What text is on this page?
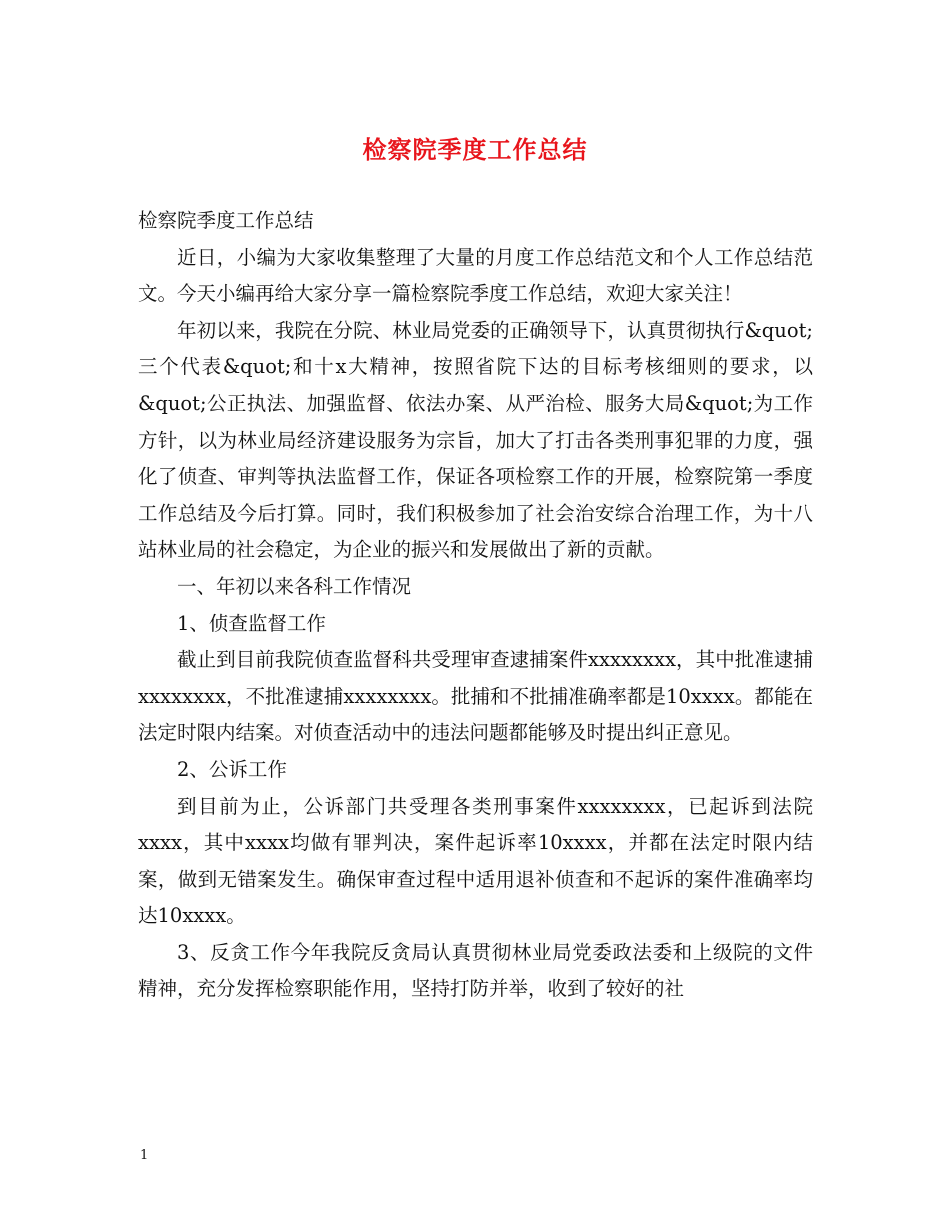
检察院季度工作总结

检察院季度工作总结

近日，小编为大家收集整理了大量的月度工作总结范文和个人工作总结范文。今天小编再给大家分享一篇检察院季度工作总结，欢迎大家关注！

年初以来，我院在分院、林业局党委的正确领导下，认真贯彻执行&quot;三个代表&quot;和十x大精神，按照省院下达的目标考核细则的要求，以&quot;公正执法、加强监督、依法办案、从严治检、服务大局&quot;为工作方针，以为林业局经济建设服务为宗旨，加大了打击各类刑事犯罪的力度，强化了侦查、审判等执法监督工作，保证各项检察工作的开展，检察院第一季度工作总结及今后打算。同时，我们积极参加了社会治安综合治理工作，为十八站林业局的社会稳定，为企业的振兴和发展做出了新的贡献。

一、年初以来各科工作情况

1、侦查监督工作

截止到目前我院侦查监督科共受理审查逮捕案件xxxxxxxx，其中批准逮捕xxxxxxxx，不批准逮捕xxxxxxxx。批捕和不批捕准确率都是10xxxx。都能在法定时限内结案。对侦查活动中的违法问题都能够及时提出纠正意见。

2、公诉工作

到目前为止，公诉部门共受理各类刑事案件xxxxxxxx，已起诉到法院xxxx，其中xxxx均做有罪判决，案件起诉率10xxxx，并都在法定时限内结案，做到无错案发生。确保审查过程中适用退补侦查和不起诉的案件准确率均达10xxxx。

3、反贪工作今年我院反贪局认真贯彻林业局党委政法委和上级院的文件精神，充分发挥检察职能作用，坚持打防并举，收到了较好的社

1
